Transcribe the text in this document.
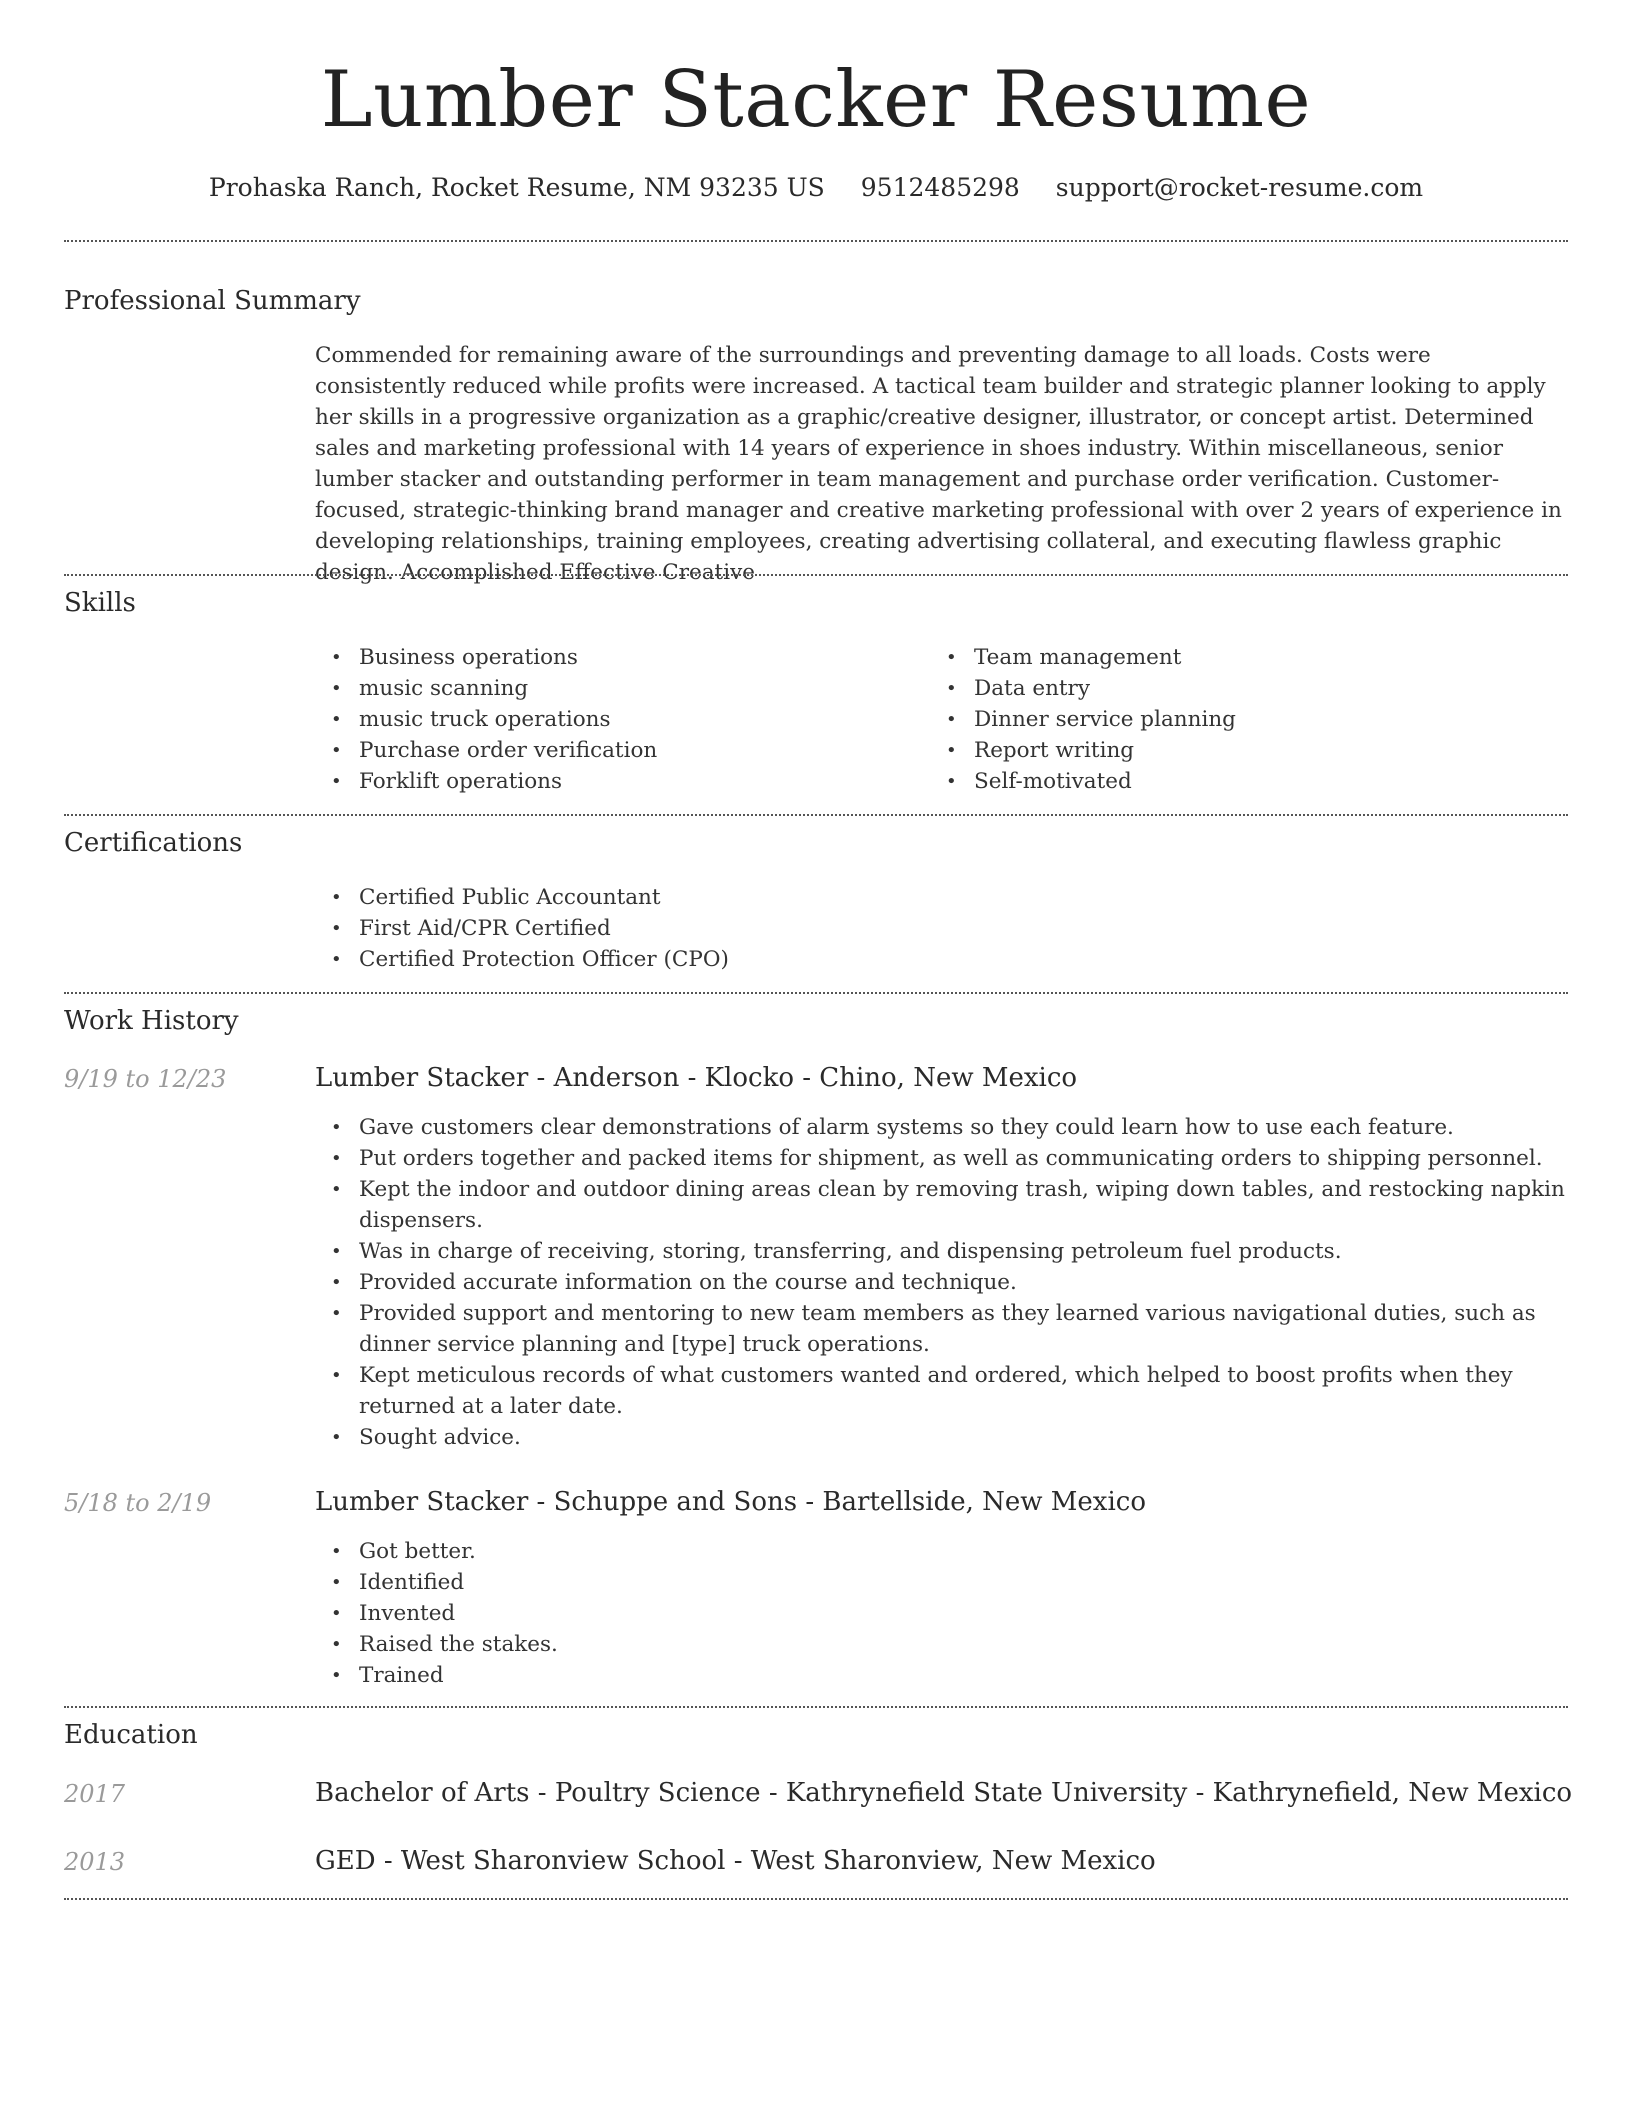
Lumber Stacker Resume
Prohaska Ranch, Rocket Resume, NM 93235 US 9512485298 support@rocket-resume.com
Professional Summary

Commended for remaining aware of the surroundings and preventing damage to all loads. Costs were consistently reduced while profits were increased. A tactical team builder and strategic planner looking to apply her skills in a progressive organization as a graphic/creative designer, illustrator, or concept artist. Determined sales and marketing professional with 14 years of experience in shoes industry. Within miscellaneous, senior lumber stacker and outstanding performer in team management and purchase order verification. Customer-focused, strategic-thinking brand manager and creative marketing professional with over 2 years of experience in developing relationships, training employees, creating advertising collateral, and executing flawless graphic design. Accomplished Effective Creative

Skills
• Business operations
• music scanning
• music truck operations
• Purchase order verification
• Forklift operations
• Team management
• Data entry
• Dinner service planning
• Report writing
• Self-motivated
Certifications
• Certified Public Accountant
• First Aid/CPR Certified
• Certified Protection Officer (CPO)
Work History
9/19 to 12/23	Lumber Stacker - Anderson - Klocko - Chino, New Mexico
• Gave customers clear demonstrations of alarm systems so they could learn how to use each feature.
• Put orders together and packed items for shipment, as well as communicating orders to shipping personnel.
• Kept the indoor and outdoor dining areas clean by removing trash, wiping down tables, and restocking napkin dispensers.
• Was in charge of receiving, storing, transferring, and dispensing petroleum fuel products.
• Provided accurate information on the course and technique.
• Provided support and mentoring to new team members as they learned various navigational duties, such as dinner service planning and [type] truck operations.
• Kept meticulous records of what customers wanted and ordered, which helped to boost profits when they returned at a later date.
• Sought advice.
5/18 to 2/19	Lumber Stacker - Schuppe and Sons - Bartellside, New Mexico
• Got better.
• Identified
• Invented
• Raised the stakes.
• Trained
Education
2017	Bachelor of Arts - Poultry Science - Kathrynefield State University - Kathrynefield, New Mexico
2013	GED - West Sharonview School - West Sharonview, New Mexico
